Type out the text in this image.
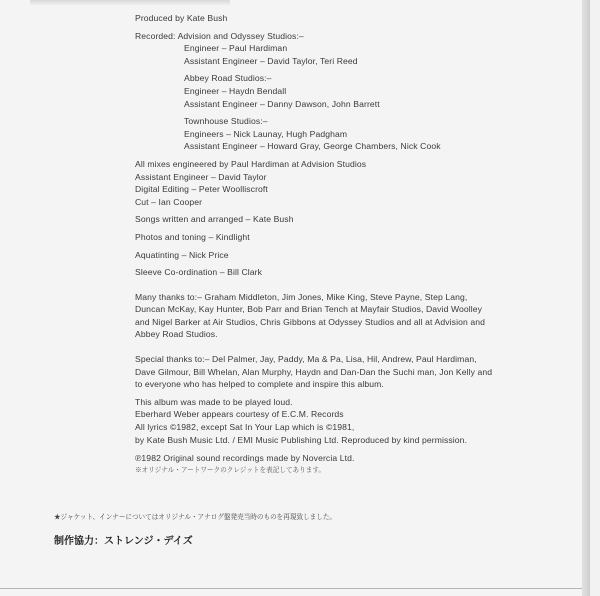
Produced by Kate Bush
Recorded: Advision and Odyssey Studios:–
Engineer – Paul Hardiman
Assistant Engineer – David Taylor, Teri Reed
Abbey Road Studios:–
Engineer – Haydn Bendall
Assistant Engineer – Danny Dawson, John Barrett
Townhouse Studios:–
Engineers – Nick Launay, Hugh Padgham
Assistant Engineer – Howard Gray, George Chambers, Nick Cook
All mixes engineered by Paul Hardiman at Advision Studios
Assistant Engineer – David Taylor
Digital Editing – Peter Woolliscroft
Cut – Ian Cooper
Songs written and arranged – Kate Bush
Photos and toning – Kindlight
Aquatinting – Nick Price
Sleeve Co-ordination – Bill Clark
Many thanks to:– Graham Middleton, Jim Jones, Mike King, Steve Payne, Step Lang,
Duncan McKay, Kay Hunter, Bob Parr and Brian Tench at Mayfair Studios, David Woolley
and Nigel Barker at Air Studios, Chris Gibbons at Odyssey Studios and all at Advision and
Abbey Road Studios.
Special thanks to:– Del Palmer, Jay, Paddy, Ma & Pa, Lisa, Hil, Andrew, Paul Hardiman,
Dave Gilmour, Bill Whelan, Alan Murphy, Haydn and Dan-Dan the Suchi man, Jon Kelly and
to everyone who has helped to complete and inspire this album.
This album was made to be played loud.
Eberhard Weber appears courtesy of E.C.M. Records
All lyrics ©1982, except Sat In Your Lap which is ©1981,
by Kate Bush Music Ltd. / EMI Music Publishing Ltd. Reproduced by kind permission.
℗1982 Original sound recordings made by Novercia Ltd.
※オリジナル・アートワークのクレジットを表記してあります。
★ジャケット、インナーについてはオリジナル・アナログ盤発売当時のものを再現致しました。
制作協力：ストレンジ・デイズ
